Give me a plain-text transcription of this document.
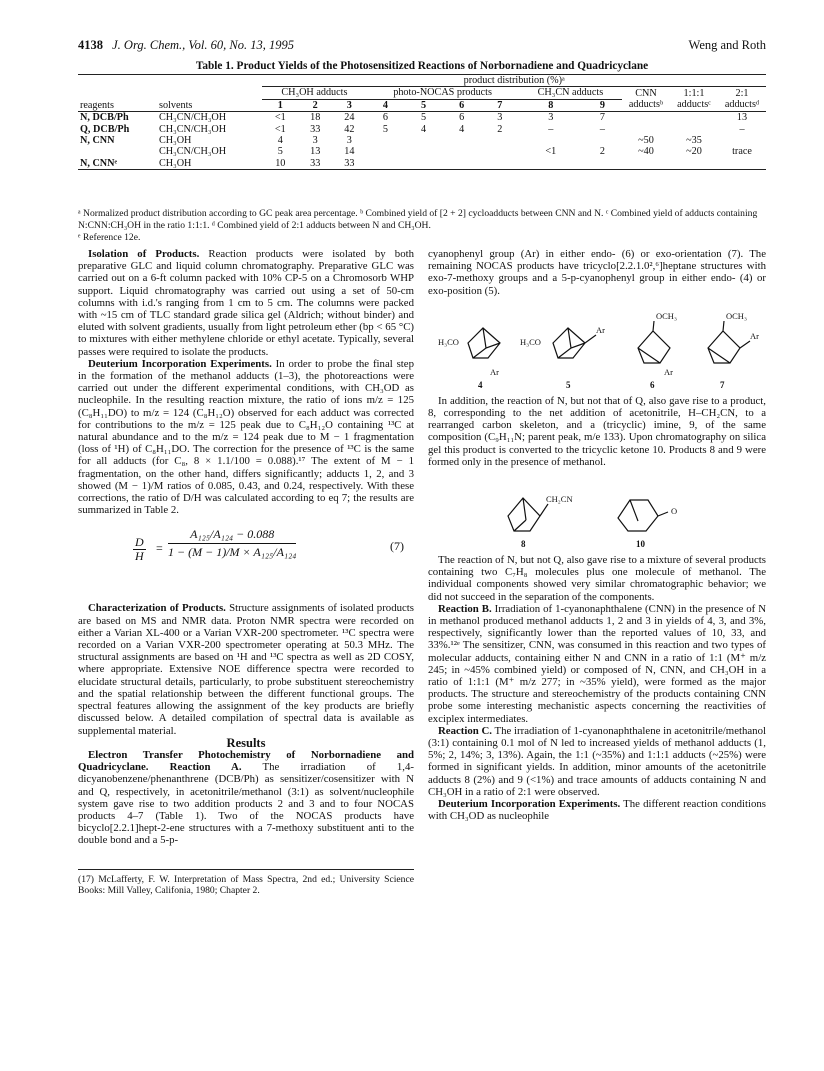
4138 J. Org. Chem., Vol. 60, No. 13, 1995	Weng and Roth
Table 1. Product Yields of the Photosensitized Reactions of Norbornadiene and Quadricyclane
		product distribution (%)ᵃ											
		CH₃OH adducts			photo-NOCAS products				CH₃CN adducts		CNN adductsᵇ	1:1:1 adductsᶜ	2:1 adductsᵈ
reagents	solvents	1	2	3	4	5	6	7	8	9			
N, DCB/Ph	CH₃CN/CH₃OH	<1	18	24	6	5	6	3	3	7			13
Q, DCB/Ph	CH₃CN/CH₃OH	<1	33	42	5	4	4	2	–	–			–
N, CNN	CH₃OH	4	3	3							~50	~35	
	CH₃CN/CH₃OH	5	13	14					<1	2	~40	~20	trace
N, CNNᵉ	CH₃OH	10	33	33									

ᵃ Normalized product distribution according to GC peak area percentage. ᵇ Combined yield of [2 + 2] cycloadducts between CNN and N. ᶜ Combined yield of adducts containing N:CNN:CH₃OH in the ratio 1:1:1. ᵈ Combined yield of 2:1 adducts between N and CH₃OH.

ᵉ Reference 12e.

Isolation of Products. Reaction products were isolated by both preparative GLC and liquid column chromatography. Preparative GLC was carried out on a 6-ft column packed with 10% CP-5 on a Chromosorb WHP support. Liquid chromatography was carried out using a set of 50-cm columns with i.d.'s ranging from 1 cm to 5 cm. The columns were packed with ~15 cm of TLC standard grade silica gel (Aldrich; without binder) and eluted with solvent gradients, usually from light petroleum ether (bp < 65 °C) to mixtures with either methylene chloride or ethyl acetate. Typically, several passes were required to isolate the products.

Deuterium Incorporation Experiments. In order to probe the final step in the formation of the methanol adducts (1–3), the photoreactions were carried out under the different experimental conditions, with CH₃OD as nucleophile. In the resulting reaction mixture, the ratio of ions m/z = 125 (C₈H₁₁DO) to m/z = 124 (C₈H₁₂O) observed for each adduct was corrected for contributions to the m/z = 125 peak due to C₈H₁₂O containing ¹³C at natural abundance and to the m/z = 124 peak due to M − 1 fragmentation (loss of ¹H) of C₈H₁₁DO. The correction for the presence of ¹³C is the same for all adducts (for C₈, 8 × 1.1/100 = 0.088).¹⁷ The extent of M − 1 fragmentation, on the other hand, differs significantly; adducts 1, 2, and 3 showed (M − 1)/M ratios of 0.085, 0.43, and 0.24, respectively. With these corrections, the ratio of D/H was calculated according to eq 7; the results are summarized in Table 2.

D
H
= $\frac{\text{A₁₂₅/A₁₂₄ − 0.088}}{\text{1 − (M − 1)/M × A₁₂₅/A₁₂₄}}$	(7)

Characterization of Products. Structure assignments of isolated products are based on MS and NMR data. Proton NMR spectra were recorded on either a Varian XL-400 or a Varian VXR-200 spectrometer. ¹³C spectra were recorded on a Varian VXR-200 spectrometer operating at 50.3 MHz. The structural assignments are based on ¹H and ¹³C spectra as well as 2D COSY, where appropriate. Extensive NOE difference spectra were recorded to elucidate structural details, particularly, to probe substituent stereochemistry and the spatial relationship between the different functional groups. The spectral features allowing the assignment of the key products are briefly discussed below. A detailed compilation of spectral data is available as supplemental material.

Results

Electron Transfer Photochemistry of Norbornadiene and Quadricyclane. Reaction A. The irradiation of 1,4-dicyanobenzene/phenanthrene (DCB/Ph) as sensitizer/cosensitizer with N and Q, respectively, in acetonitrile/methanol (3:1) as solvent/nucleophile system gave rise to two addition products 2 and 3 and to four NOCAS products 4–7 (Table 1). Two of the NOCAS products have bicyclo[2.2.1]hept-2-ene structures with a 7-methoxy substituent anti to the double bond and a 5-p-

(17) McLafferty, F. W. Interpretation of Mass Spectra, 2nd ed.; University Science Books: Mill Valley, Califonia, 1980; Chapter 2.

cyanophenyl group (Ar) in either endo- (6) or exo-orientation (7). The remaining NOCAS products have tricyclo[2.2.1.0²,⁶]heptane structures with exo-7-methoxy groups and a 5-p-cyanophenyl group in either endo- (4) or exo-position (5).

H₃CO
Ar
H₃CO
Ar
OCH₃
Ar
OCH₃
Ar
4	5	6	7

In addition, the reaction of N, but not that of Q, also gave rise to a product, 8, corresponding to the net addition of acetonitrile, H–CH₂CN, to a rearranged carbon skeleton, and a (tricyclic) imine, 9, of the same composition (C₉H₁₁N; parent peak, m/e 133). Upon chromatography on silica gel this product is converted to the tricyclic ketone 10. Products 8 and 9 were formed only in the presence of methanol.

CH₂CN
O
8	10

The reaction of N, but not Q, also gave rise to a mixture of several products containing two C₇H₈ molecules plus one molecule of methanol. The individual components showed very similar chromatographic behavior; we did not succeed in the separation of the components.

Reaction B. Irradiation of 1-cyanonaphthalene (CNN) in the presence of N in methanol produced methanol adducts 1, 2 and 3 in yields of 4, 3, and 3%, respectively, significantly lower than the reported values of 10, 33, and 33%.¹²ᵉ The sensitizer, CNN, was consumed in this reaction and two types of molecular adducts, containing either N and CNN in a ratio of 1:1 (M⁺ m/z 245; in ~45% combined yield) or composed of N, CNN, and CH₃OH in a ratio of 1:1:1 (M⁺ m/z 277; in ~35% yield), were formed as the major products. The structure and stereochemistry of the products containing CNN probe some interesting mechanistic aspects concerning the reactivities of exciplex intermediates.

Reaction C. The irradiation of 1-cyanonaphthalene in acetonitrile/methanol (3:1) containing 0.1 mol of N led to increased yields of methanol adducts (1, 5%; 2, 14%; 3, 13%). Again, the 1:1 (~35%) and 1:1:1 adducts (~25%) were formed in significant yields. In addition, minor amounts of the acetonitrile adducts 8 (2%) and 9 (<1%) and trace amounts of adducts containing N and CH₃OH in a ratio of 2:1 were observed.

Deuterium Incorporation Experiments. The different reaction conditions with CH₃OD as nucleophile
